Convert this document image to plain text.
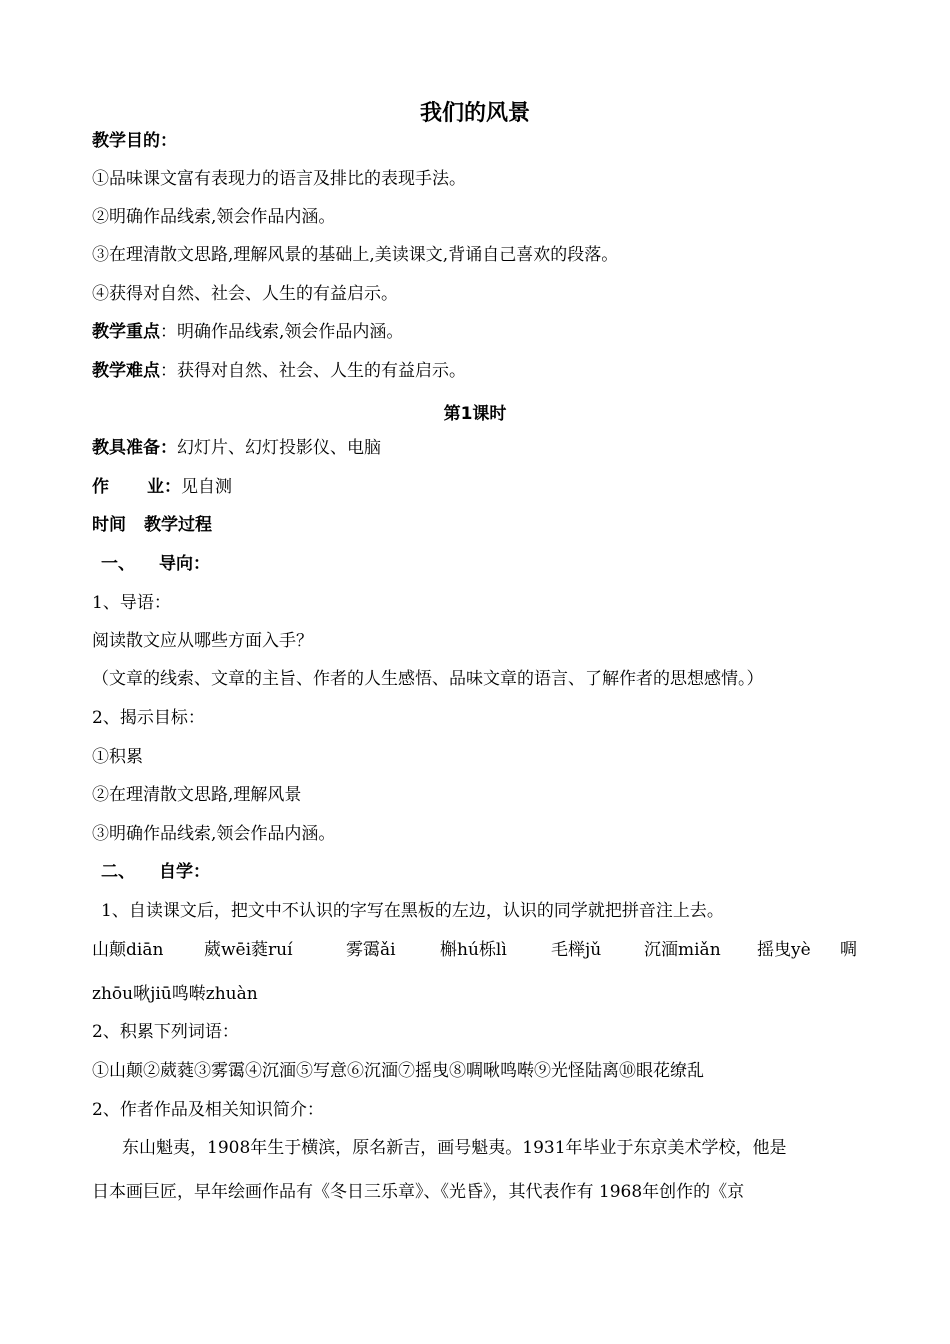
我们的风景
教学目的：
①品味课文富有表现力的语言及排比的表现手法。
②明确作品线索,领会作品内涵。
③在理清散文思路,理解风景的基础上,美读课文,背诵自己喜欢的段落。
④获得对自然、社会、人生的有益启示。
教学重点：明确作品线索,领会作品内涵。
教学难点：获得对自然、社会、人生的有益启示。
第1课时
教具准备：幻灯片、幻灯投影仪、电脑
作 业：见自测
时间 教学过程
一、 导向：
1、导语：
阅读散文应从哪些方面入手？
（文章的线索、文章的主旨、作者的人生感悟、品味文章的语言、了解作者的思想感情。）
2、揭示目标：
①积累
②在理清散文思路,理解风景
③明确作品线索,领会作品内涵。
二、 自学：
1、自读课文后，把文中不认识的字写在黑板的左边，认识的同学就把拼音注上去。
山颠diān 葳wēi蕤ruí	雾霭ǎi	槲hú栎lì	毛榉jǔ	沉湎miǎn 摇曳yè 啁
zhōu啾jiū鸣啭zhuàn
2、积累下列词语：
①山颠②葳蕤③雾霭④沉湎⑤写意⑥沉湎⑦摇曳⑧啁啾鸣啭⑨光怪陆离⑩眼花缭乱
2、作者作品及相关知识简介：
东山魁夷，1908年生于横滨，原名新吉，画号魁夷。1931年毕业于东京美术学校，他是
日本画巨匠，早年绘画作品有《冬日三乐章》、《光昏》，其代表作有 1968年创作的《京
